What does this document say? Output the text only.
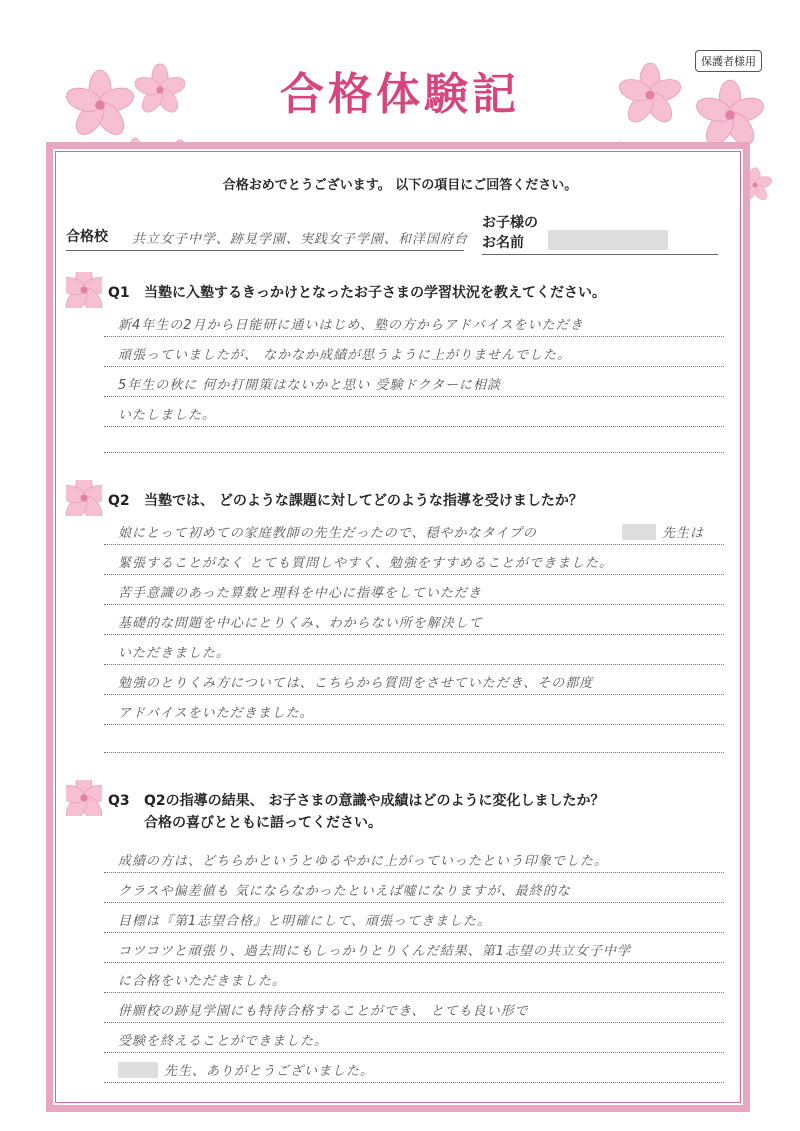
保護者様用
合格体験記
合格おめでとうございます。 以下の項目にご回答ください。
合格校 共立女子中学、跡見学園、実践女子学園、和洋国府台
お子様の
お名前
Q1 当塾に入塾するきっかけとなったお子さまの学習状況を教えてください。
新4年生の2月から日能研に通いはじめ、塾の方からアドバイスをいただき
頑張っていましたが、 なかなか成績が思うように上がりませんでした。
5年生の秋に 何か打開策はないかと思い 受験ドクターに相談
いたしました。
Q2 当塾では、 どのような課題に対してどのような指導を受けましたか？
娘にとって初めての家庭教師の先生だったので、穏やかなタイプの	先生は
緊張することがなく とても質問しやすく、勉強をすすめることができました。
苦手意識のあった算数と理科を中心に指導をしていただき
基礎的な問題を中心にとりくみ、わからない所を解決して
いただきました。
勉強のとりくみ方については、こちらから質問をさせていただき、その都度
アドバイスをいただきました。
Q3 Q2の指導の結果、 お子さまの意識や成績はどのように変化しましたか？
合格の喜びとともに語ってください。
成績の方は、どちらかというとゆるやかに上がっていったという印象でした。
クラスや偏差値も 気にならなかったといえば嘘になりますが、最終的な
目標は『第1志望合格』と明確にして、頑張ってきました。
コツコツと頑張り、過去問にもしっかりとりくんだ結果、第1志望の共立女子中学
に合格をいただきました。
併願校の跡見学園にも特待合格することができ、 とても良い形で
受験を終えることができました。
先生、ありがとうございました。
